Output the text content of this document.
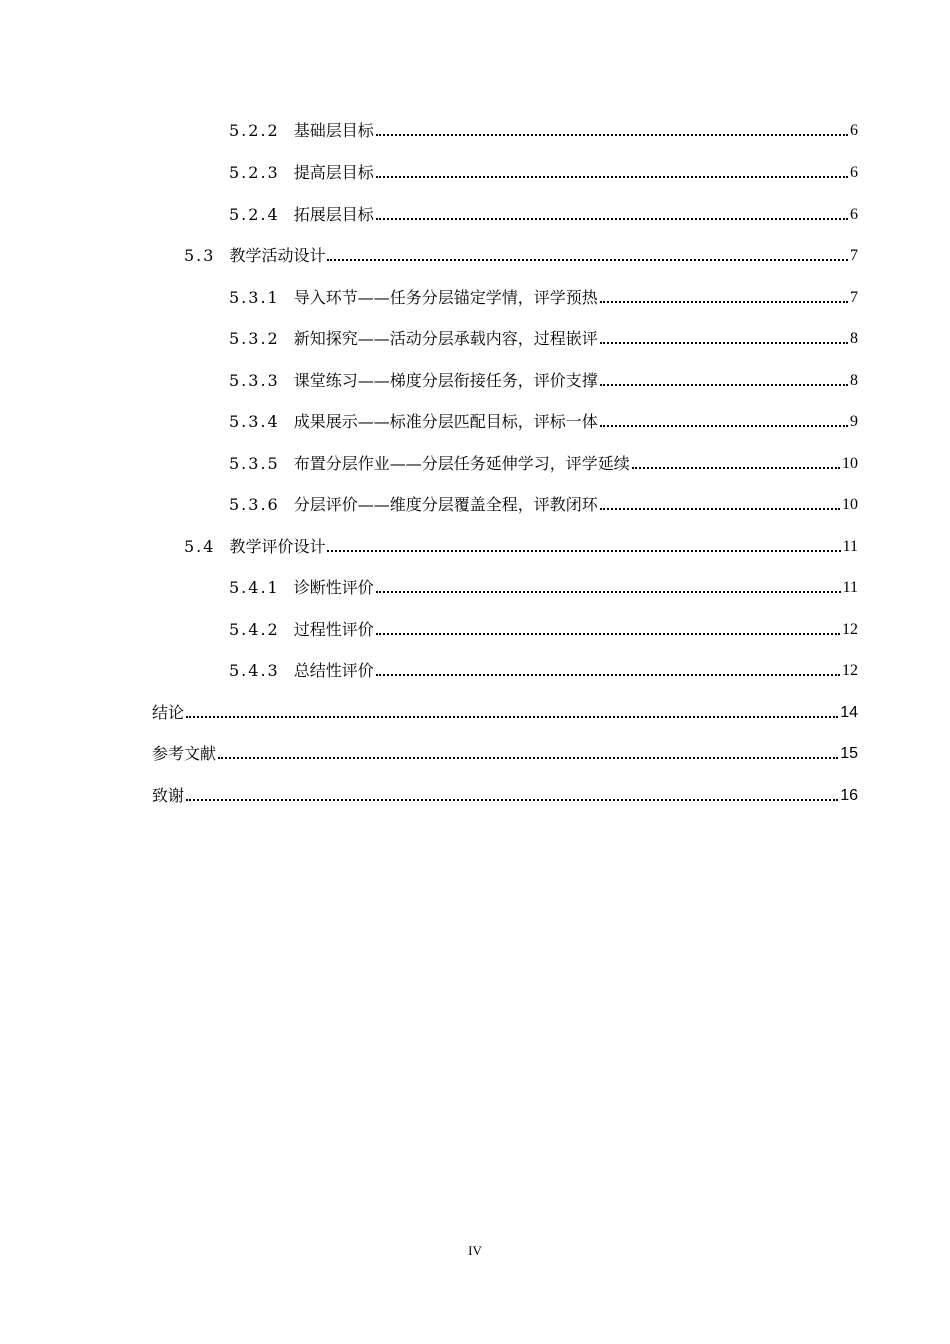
5.2.2 基础层目标	6
5.2.3 提高层目标	6
5.2.4 拓展层目标	6
5.3 教学活动设计	7
5.3.1 导入环节——任务分层锚定学情，评学预热	7
5.3.2 新知探究——活动分层承载内容，过程嵌评	8
5.3.3 课堂练习——梯度分层衔接任务，评价支撑	8
5.3.4 成果展示——标准分层匹配目标，评标一体	9
5.3.5 布置分层作业——分层任务延伸学习，评学延续	10
5.3.6 分层评价——维度分层覆盖全程，评教闭环	10
5.4 教学评价设计	11
5.4.1 诊断性评价	11
5.4.2 过程性评价	12
5.4.3 总结性评价	12
结论	14
参考文献	15
致谢	16
IV
